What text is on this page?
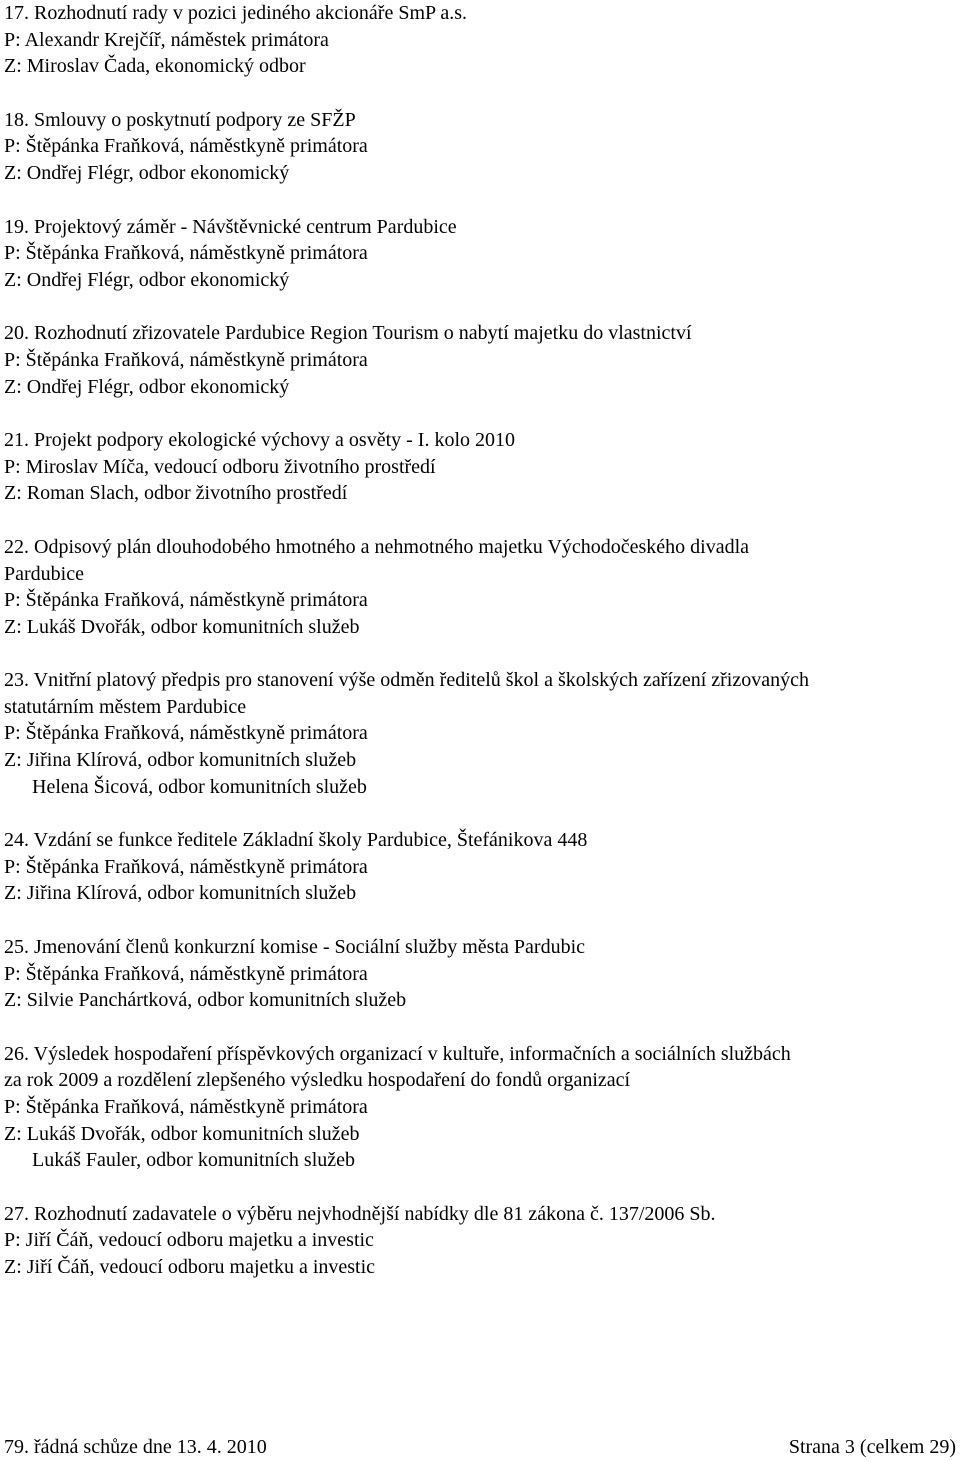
17. Rozhodnutí rady v pozici jediného akcionáře SmP a.s.
P: Alexandr Krejčíř, náměstek primátora
Z: Miroslav Čada, ekonomický odbor
18. Smlouvy o poskytnutí podpory ze SFŽP
P: Štěpánka Fraňková, náměstkyně primátora
Z: Ondřej Flégr, odbor ekonomický
19. Projektový záměr - Návštěvnické centrum Pardubice
P: Štěpánka Fraňková, náměstkyně primátora
Z: Ondřej Flégr, odbor ekonomický
20. Rozhodnutí zřizovatele Pardubice Region Tourism o nabytí majetku do vlastnictví
P: Štěpánka Fraňková, náměstkyně primátora
Z: Ondřej Flégr, odbor ekonomický
21. Projekt podpory ekologické výchovy a osvěty - I. kolo 2010
P: Miroslav Míča, vedoucí odboru životního prostředí
Z: Roman Slach, odbor životního prostředí
22. Odpisový plán dlouhodobého hmotného a nehmotného majetku Východočeského divadla
Pardubice
P: Štěpánka Fraňková, náměstkyně primátora
Z: Lukáš Dvořák, odbor komunitních služeb
23. Vnitřní platový předpis pro stanovení výše odměn ředitelů škol a školských zařízení zřizovaných
statutárním městem Pardubice
P: Štěpánka Fraňková, náměstkyně primátora
Z: Jiřina Klírová, odbor komunitních služeb
Helena Šicová, odbor komunitních služeb
24. Vzdání se funkce ředitele Základní školy Pardubice, Štefánikova 448
P: Štěpánka Fraňková, náměstkyně primátora
Z: Jiřina Klírová, odbor komunitních služeb
25. Jmenování členů konkurzní komise - Sociální služby města Pardubic
P: Štěpánka Fraňková, náměstkyně primátora
Z: Silvie Panchártková, odbor komunitních služeb
26. Výsledek hospodaření příspěvkových organizací v kultuře, informačních a sociálních službách
za rok 2009 a rozdělení zlepšeného výsledku hospodaření do fondů organizací
P: Štěpánka Fraňková, náměstkyně primátora
Z: Lukáš Dvořák, odbor komunitních služeb
Lukáš Fauler, odbor komunitních služeb
27. Rozhodnutí zadavatele o výběru nejvhodnější nabídky dle 81 zákona č. 137/2006 Sb.
P: Jiří Čáň, vedoucí odboru majetku a investic
Z: Jiří Čáň, vedoucí odboru majetku a investic
79. řádná schůze dne 13. 4. 2010	Strana 3 (celkem 29)
